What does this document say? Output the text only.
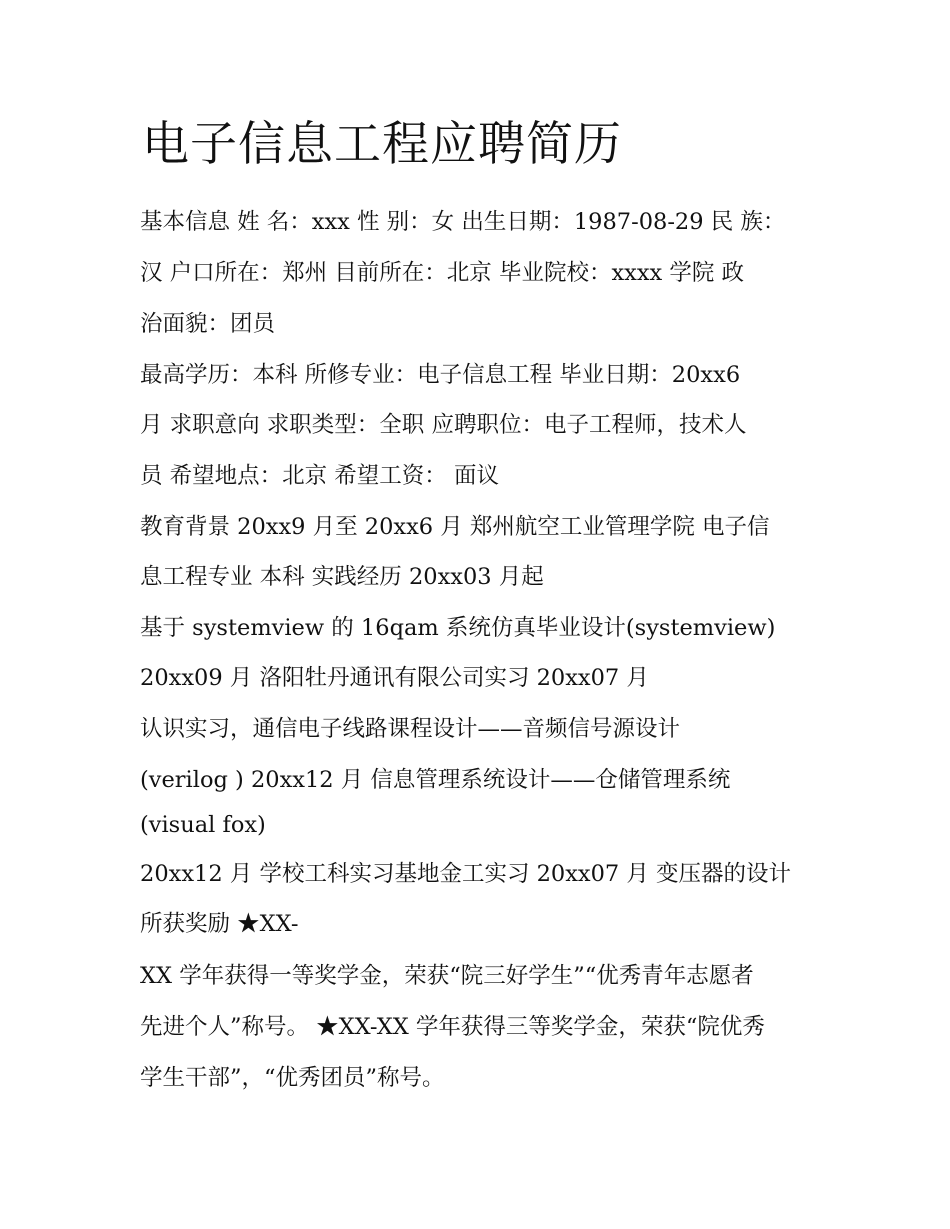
电子信息工程应聘简历

基本信息 姓 名：xxx 性 别：女 出生日期：1987-08-29 民 族：

汉 户口所在：郑州 目前所在：北京 毕业院校：xxxx 学院 政

治面貌：团员

最高学历：本科 所修专业：电子信息工程 毕业日期：20xx6

月 求职意向 求职类型：全职 应聘职位：电子工程师，技术人

员 希望地点：北京 希望工资： 面议

教育背景 20xx9 月至 20xx6 月 郑州航空工业管理学院 电子信

息工程专业 本科 实践经历 20xx03 月起

基于 systemview 的 16qam 系统仿真毕业设计(systemview)

20xx09 月 洛阳牡丹通讯有限公司实习 20xx07 月

认识实习，通信电子线路课程设计——音频信号源设计

(verilog ) 20xx12 月 信息管理系统设计——仓储管理系统

(visual fox)

20xx12 月 学校工科实习基地金工实习 20xx07 月 变压器的设计

所获奖励 ★XX-

XX 学年获得一等奖学金，荣获“院三好学生”“优秀青年志愿者

先进个人”称号。 ★XX-XX 学年获得三等奖学金，荣获“院优秀

学生干部”，“优秀团员”称号。
